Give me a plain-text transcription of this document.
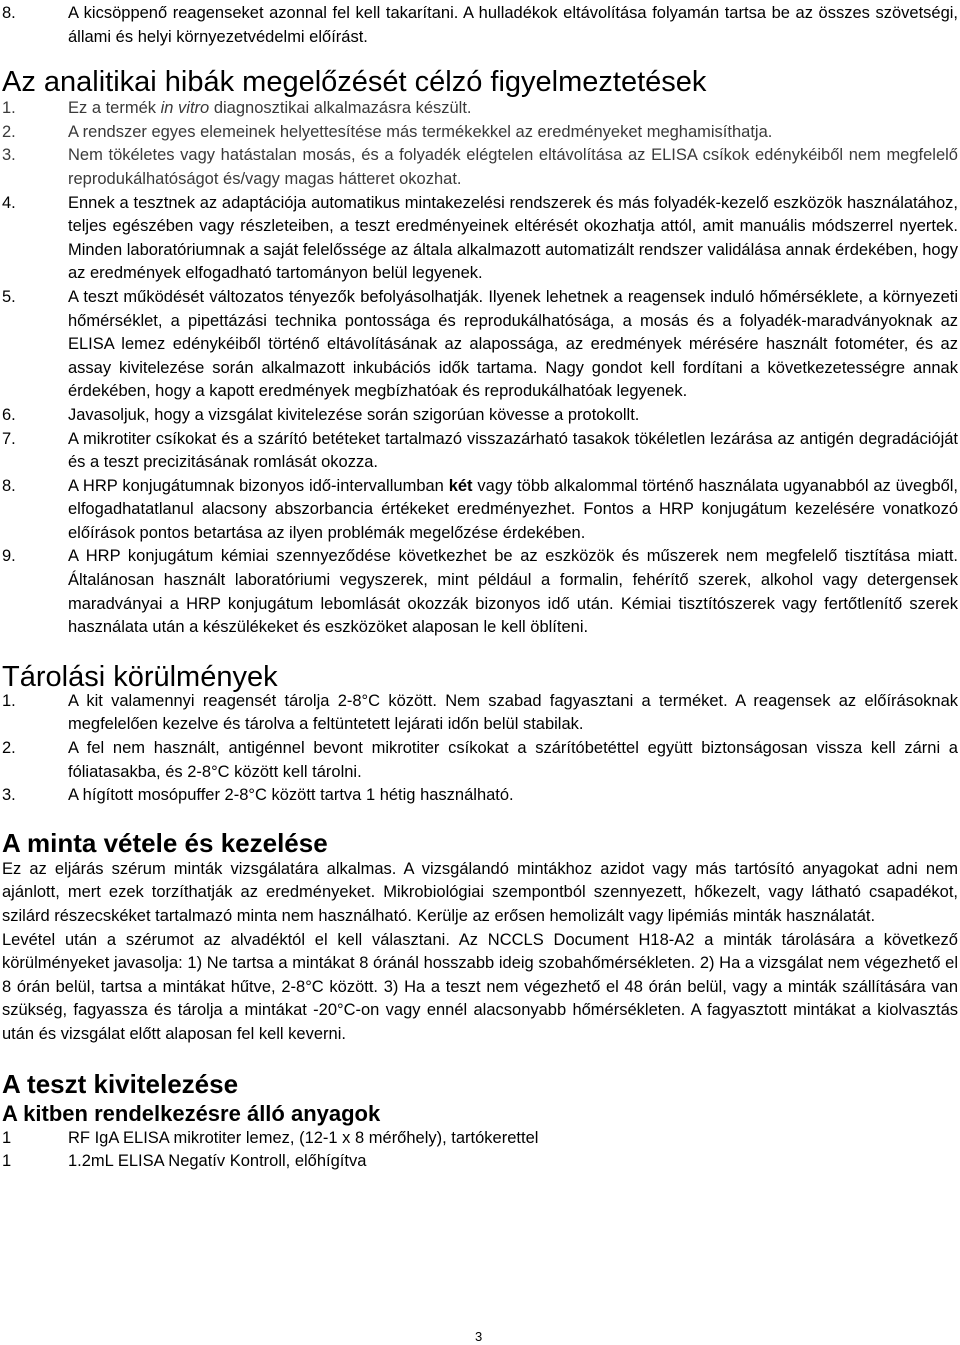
8.	A kicsöppenő reagenseket azonnal fel kell takarítani. A hulladékok eltávolítása folyamán tartsa be az összes szövetségi, állami és helyi környezetvédelmi előírást.
Az analitikai hibák megelőzését célzó figyelmeztetések
1.	Ez a termék in vitro diagnosztikai alkalmazásra készült.
2.	A rendszer egyes elemeinek helyettesítése más termékekkel az eredményeket meghamisíthatja.
3.	Nem tökéletes vagy hatástalan mosás, és a folyadék elégtelen eltávolítása az ELISA csíkok edénykéiből nem megfelelő reprodukálhatóságot és/vagy magas hátteret okozhat.
4.	Ennek a tesztnek az adaptációja automatikus mintakezelési rendszerek és más folyadék-kezelő eszközök használatához, teljes egészében vagy részleteiben, a teszt eredményeinek eltérését okozhatja attól, amit manuális módszerrel nyertek. Minden laboratóriumnak a saját felelőssége az általa alkalmazott automatizált rendszer validálása annak érdekében, hogy az eredmények elfogadható tartományon belül legyenek.
5.	A teszt működését változatos tényezők befolyásolhatják. Ilyenek lehetnek a reagensek induló hőmérséklete, a környezeti hőmérséklet, a pipettázási technika pontossága és reprodukálhatósága, a mosás és a folyadék-maradványoknak az ELISA lemez edénykéiből történő eltávolításának az alapossága, az eredmények mérésére használt fotométer, és az assay kivitelezése során alkalmazott inkubációs idők tartama. Nagy gondot kell fordítani a következetességre annak érdekében, hogy a kapott eredmények megbízhatóak és reprodukálhatóak legyenek.
6.	Javasoljuk, hogy a vizsgálat kivitelezése során szigorúan kövesse a protokollt.
7.	A mikrotiter csíkokat és a szárító betéteket tartalmazó visszazárható tasakok tökéletlen lezárása az antigén degradációját és a teszt precizitásának romlását okozza.
8.	A HRP konjugátumnak bizonyos idő-intervallumban két vagy több alkalommal történő használata ugyanabból az üvegből, elfogadhatatlanul alacsony abszorbancia értékeket eredményezhet. Fontos a HRP konjugátum kezelésére vonatkozó előírások pontos betartása az ilyen problémák megelőzése érdekében.
9.	A HRP konjugátum kémiai szennyeződése következhet be az eszközök és műszerek nem megfelelő tisztítása miatt. Általánosan használt laboratóriumi vegyszerek, mint például a formalin, fehérítő szerek, alkohol vagy detergensek maradványai a HRP konjugátum lebomlását okozzák bizonyos idő után. Kémiai tisztítószerek vagy fertőtlenítő szerek használata után a készülékeket és eszközöket alaposan le kell öblíteni.
Tárolási körülmények
1.	A kit valamennyi reagensét tárolja 2-8°C között. Nem szabad fagyasztani a terméket. A reagensek az előírásoknak megfelelően kezelve és tárolva a feltüntetett lejárati időn belül stabilak.
2.	A fel nem használt, antigénnel bevont mikrotiter csíkokat a szárítóbetéttel együtt biztonságosan vissza kell zárni a fóliatasakba, és 2-8°C között kell tárolni.
3.	A hígított mosópuffer 2-8°C között tartva 1 hétig használható.
A minta vétele és kezelése

Ez az eljárás szérum minták vizsgálatára alkalmas. A vizsgálandó mintákhoz azidot vagy más tartósító anyagokat adni nem ajánlott, mert ezek torzíthatják az eredményeket. Mikrobiológiai szempontból szennyezett, hőkezelt, vagy látható csapadékot, szilárd részecskéket tartalmazó minta nem használható. Kerülje az erősen hemolizált vagy lipémiás minták használatát.

Levétel után a szérumot az alvadéktól el kell választani. Az NCCLS Document H18-A2 a minták tárolására a következő körülményeket javasolja: 1) Ne tartsa a mintákat 8 óránál hosszabb ideig szobahőmérsékleten. 2) Ha a vizsgálat nem végezhető el 8 órán belül, tartsa a mintákat hűtve, 2-8°C között. 3) Ha a teszt nem végezhető el 48 órán belül, vagy a minták szállítására van szükség, fagyassza és tárolja a mintákat -20°C-on vagy ennél alacsonyabb hőmérsékleten. A fagyasztott mintákat a kiolvasztás után és vizsgálat előtt alaposan fel kell keverni.

A teszt kivitelezése
A kitben rendelkezésre álló anyagok
1	RF IgA ELISA mikrotiter lemez, (12-1 x 8 mérőhely), tartókerettel
1	1.2mL ELISA Negatív Kontroll, előhígítva
3
